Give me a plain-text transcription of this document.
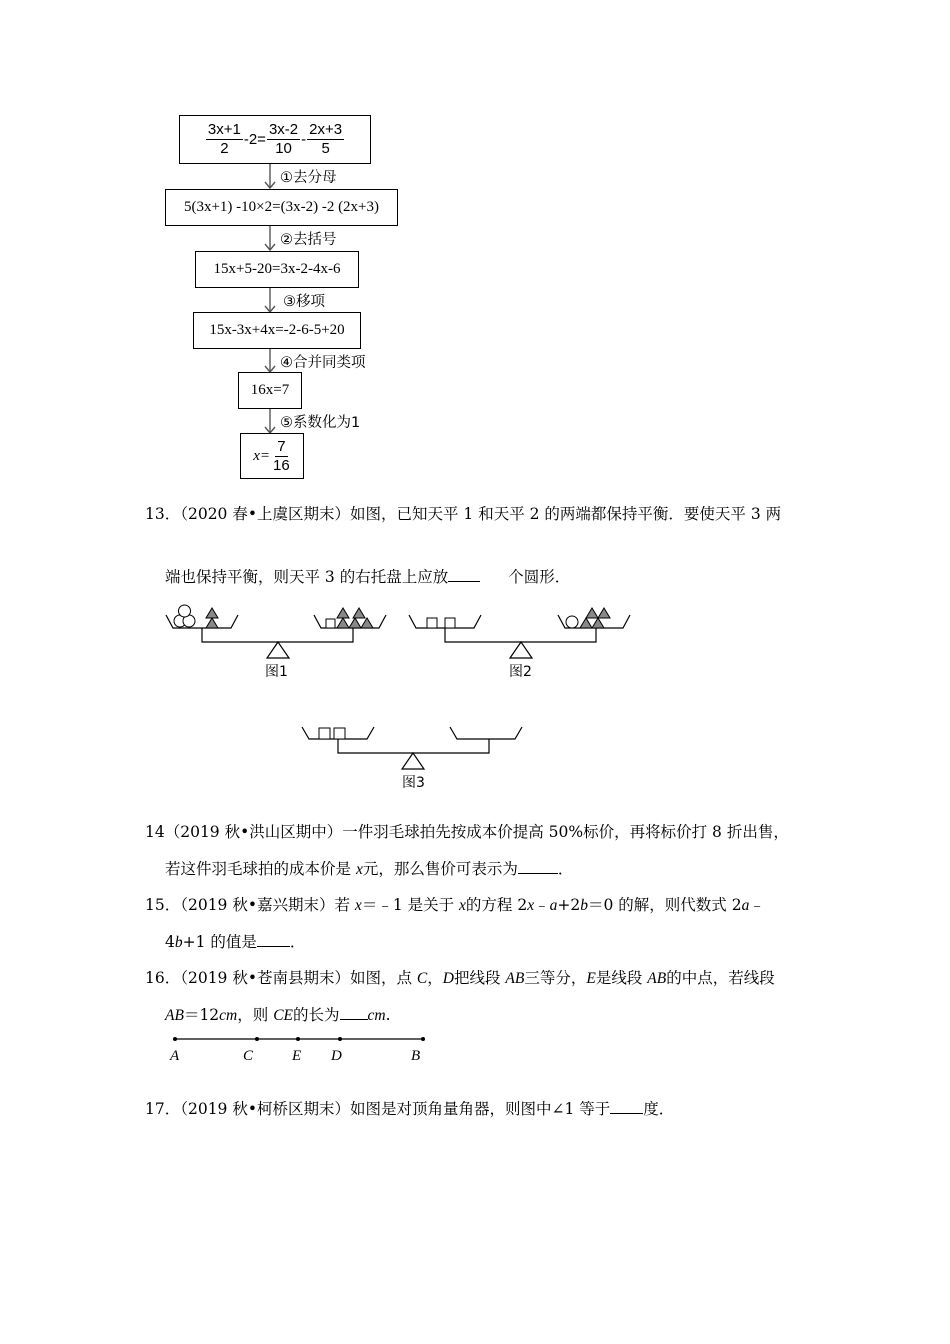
$\frac{3x+1}{2} -2= \frac{3x-2}{10} - \frac{2x+3}{5}$
①去分母
5(3x+1) -10×2=(3x-2) -2 (2x+3)
②去括号
15x+5-20=3x-2-4x-6
③移项
15x-3x+4x=-2-6-5+20
④合并同类项
16x=7
⑤系数化为1
$x= \frac{7}{16}$
13．（2020 春•上虞区期末）如图，已知天平 1 和天平 2 的两端都保持平衡．要使天平 3 两
端也保持平衡，则天平 3 的右托盘上应放	个圆形．
图1	图2
图3
14（2019 秋•洪山区期中）一件羽毛球拍先按成本价提高 50%标价，再将标价打 8 折出售，
若这件羽毛球拍的成本价是 x元，那么售价可表示为	．
15．（2019 秋•嘉兴期末）若 x＝﹣1 是关于 x的方程 2x﹣a+2b＝0 的解，则代数式 2a﹣
4b+1 的值是 ．
16．（2019 秋•苍南县期末）如图，点 C，D把线段 AB三等分，E是线段 AB的中点，若线段
AB＝12cm，则 CE的长为 cm.
A	C	E D	B
17．（2019 秋•柯桥区期末）如图是对顶角量角器，则图中∠1 等于 度．
